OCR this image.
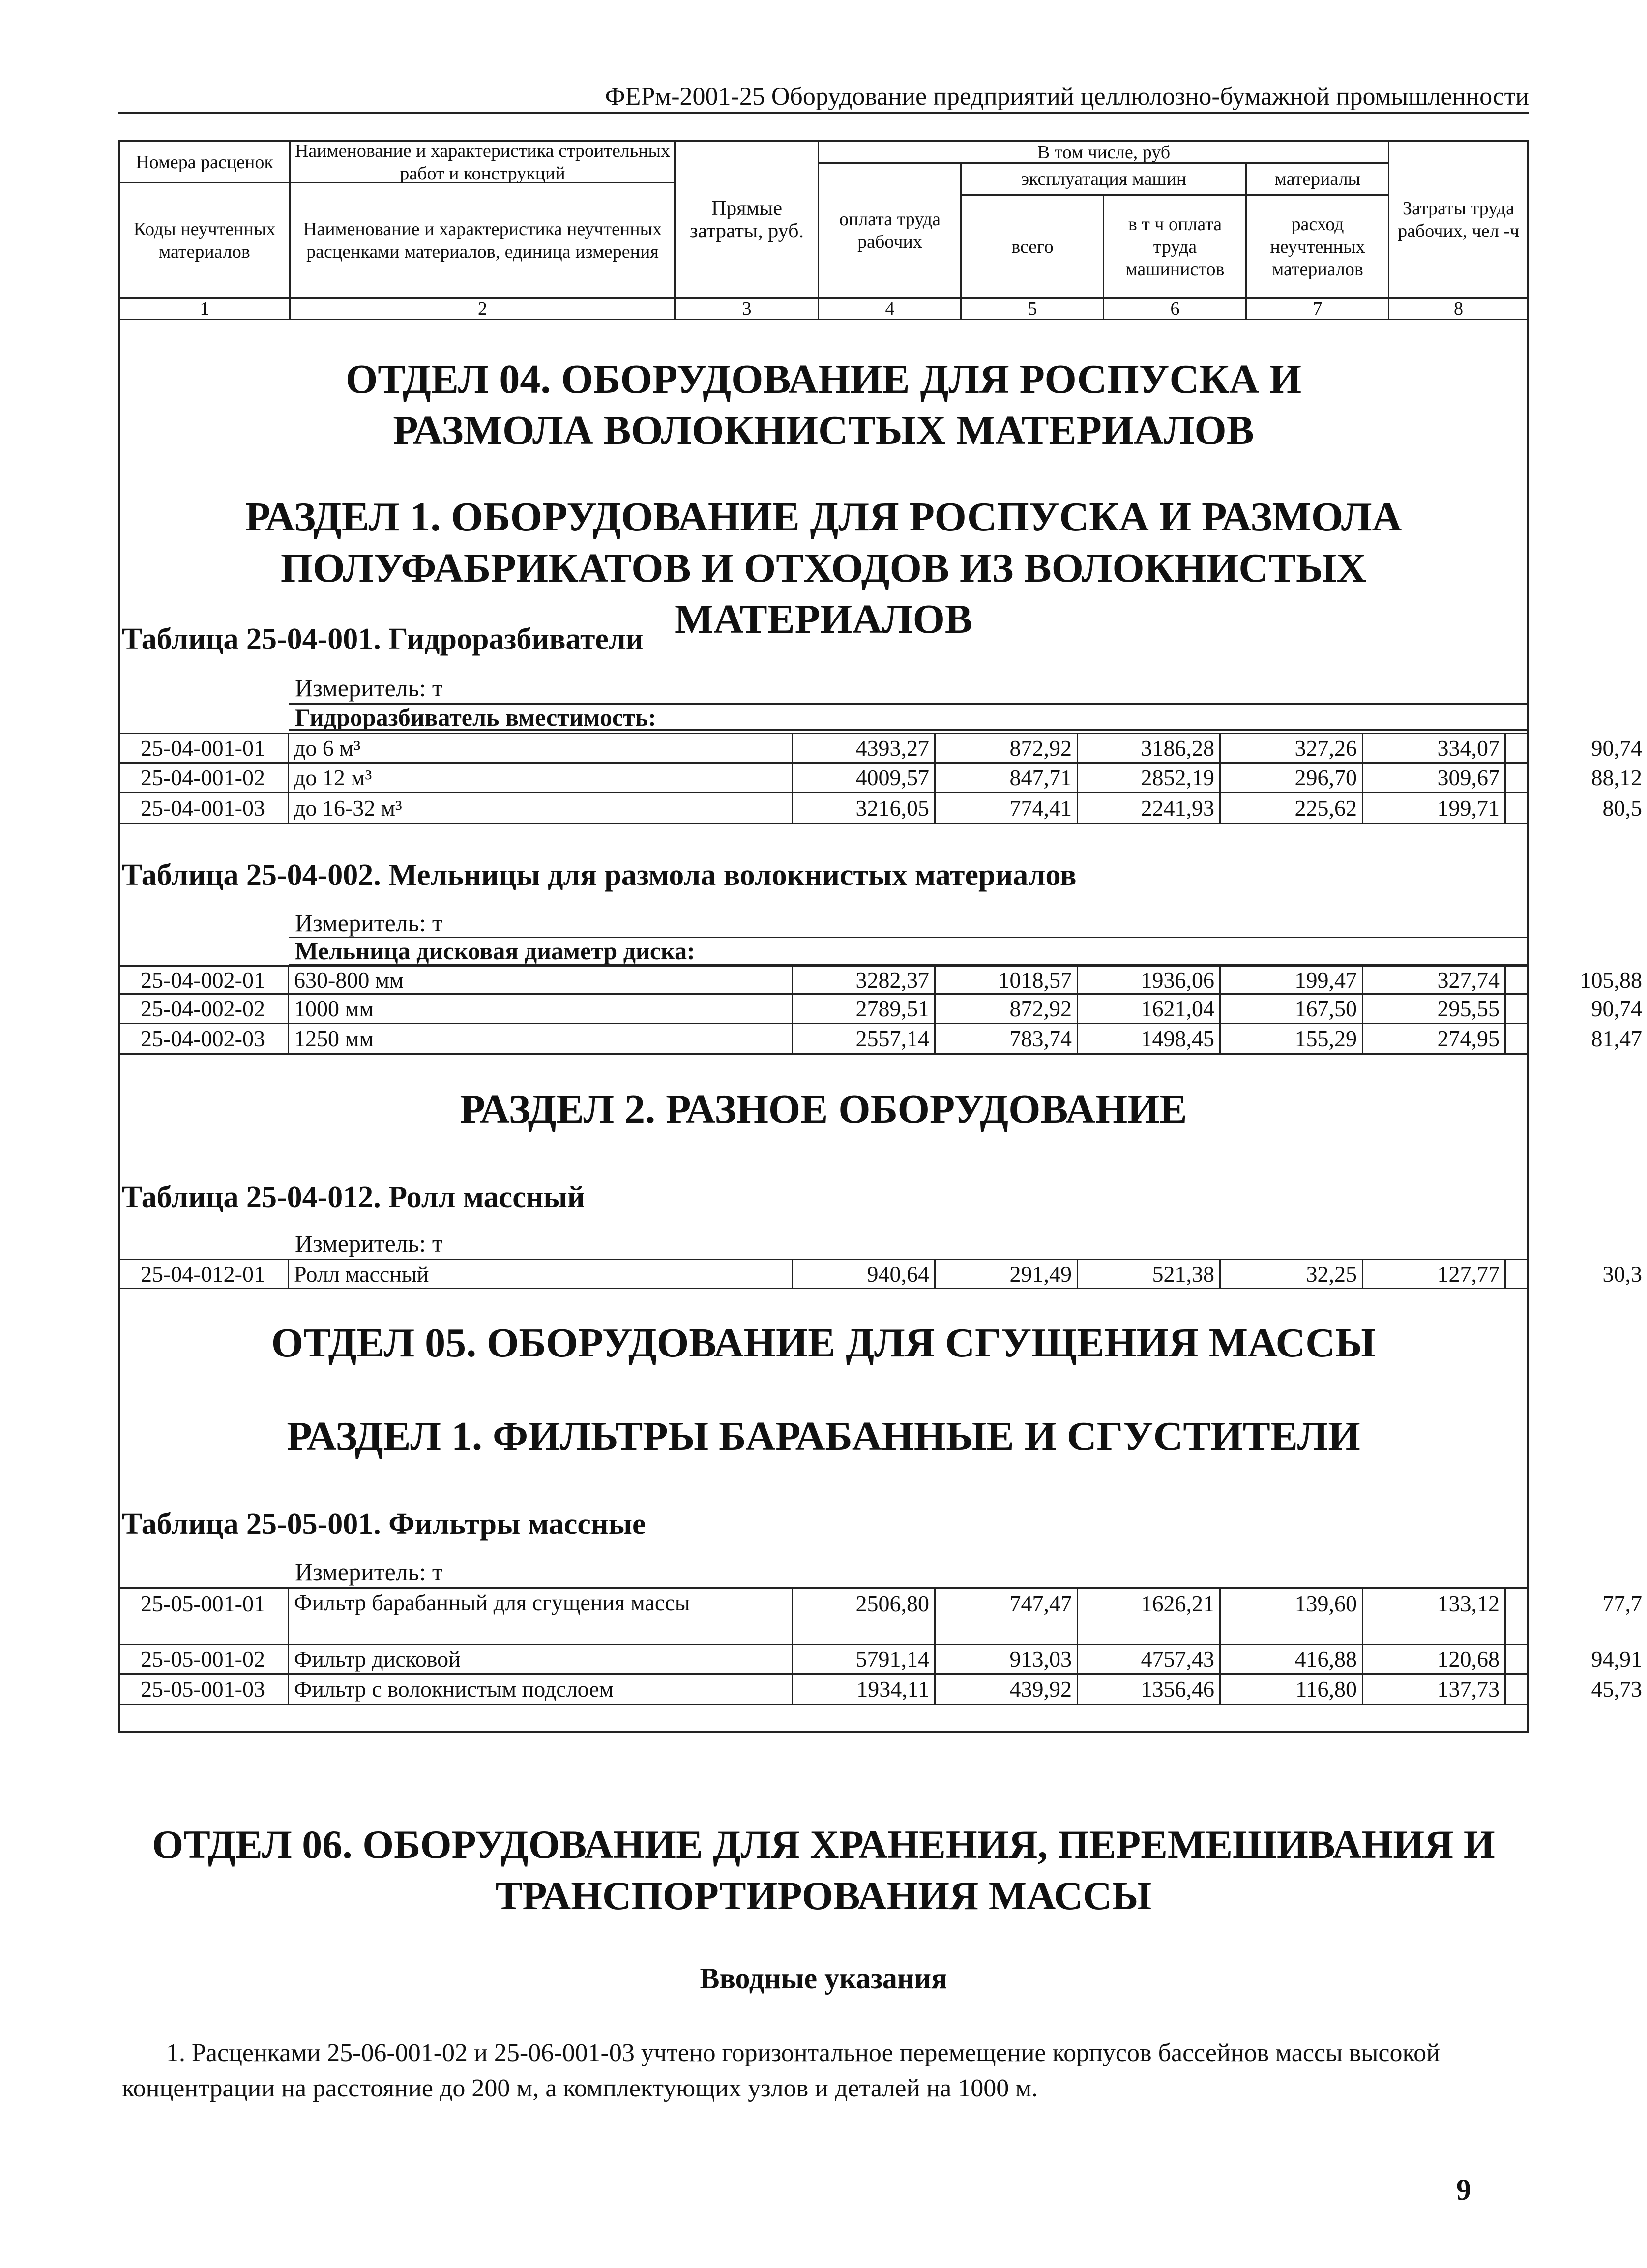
ФЕРм-2001-25 Оборудование предприятий целлюлозно-бумажной промышленности
Номера расценок
Коды неучтенных материалов
Наименование и характеристика строительных работ и конструкций
Наименование и характеристика неучтенных расценками материалов, единица измерения
Прямые затраты, руб.
В том числе, руб
эксплуатация машин	материалы
оплата труда рабочих	всего
в т ч оплата труда машинистов
расход неучтенных материалов
Затраты труда рабочих, чел -ч
1	2	3	4	5	6	7	8
ОТДЕЛ 04. ОБОРУДОВАНИЕ ДЛЯ РОСПУСКА И РАЗМОЛА ВОЛОКНИСТЫХ МАТЕРИАЛОВ
РАЗДЕЛ 1. ОБОРУДОВАНИЕ ДЛЯ РОСПУСКА И РАЗМОЛА ПОЛУФАБРИКАТОВ И ОТХОДОВ ИЗ ВОЛОКНИСТЫХ МАТЕРИАЛОВ
Таблица 25-04-001. Гидроразбиватели
Измеритель: т
Гидроразбиватель вместимость:
25-04-001-01	до 6 м³	4393,27	872,92	3186,28	327,26	334,07	90,74
25-04-001-02	до 12 м³	4009,57	847,71	2852,19	296,70	309,67	88,12
25-04-001-03	до 16-32 м³	3216,05	774,41	2241,93	225,62	199,71	80,5
Таблица 25-04-002. Мельницы для размола волокнистых материалов
Измеритель: т
Мельница дисковая диаметр диска:
25-04-002-01	630-800 мм	3282,37	1018,57	1936,06	199,47	327,74	105,88
25-04-002-02	1000 мм	2789,51	872,92	1621,04	167,50	295,55	90,74
25-04-002-03	1250 мм	2557,14	783,74	1498,45	155,29	274,95	81,47
РАЗДЕЛ 2. РАЗНОЕ ОБОРУДОВАНИЕ
Таблица 25-04-012. Ролл массный
Измеритель: т
25-04-012-01	Ролл массный	940,64	291,49	521,38	32,25	127,77	30,3
ОТДЕЛ 05. ОБОРУДОВАНИЕ ДЛЯ СГУЩЕНИЯ МАССЫ
РАЗДЕЛ 1. ФИЛЬТРЫ БАРАБАННЫЕ И СГУСТИТЕЛИ
Таблица 25-05-001. Фильтры массные
Измеритель: т
25-05-001-01	Фильтр барабанный для сгущения массы	2506,80	747,47	1626,21	139,60	133,12	77,7
25-05-001-02	Фильтр дисковой	5791,14	913,03	4757,43	416,88	120,68	94,91
25-05-001-03	Фильтр с волокнистым подслоем	1934,11	439,92	1356,46	116,80	137,73	45,73
ОТДЕЛ 06. ОБОРУДОВАНИЕ ДЛЯ ХРАНЕНИЯ, ПЕРЕМЕШИВАНИЯ И ТРАНСПОРТИРОВАНИЯ МАССЫ
Вводные указания
1. Расценками 25-06-001-02 и 25-06-001-03 учтено горизонтальное перемещение корпусов бассейнов массы высокой концентрации на расстояние до 200 м, а комплектующих узлов и деталей на 1000 м.
9
